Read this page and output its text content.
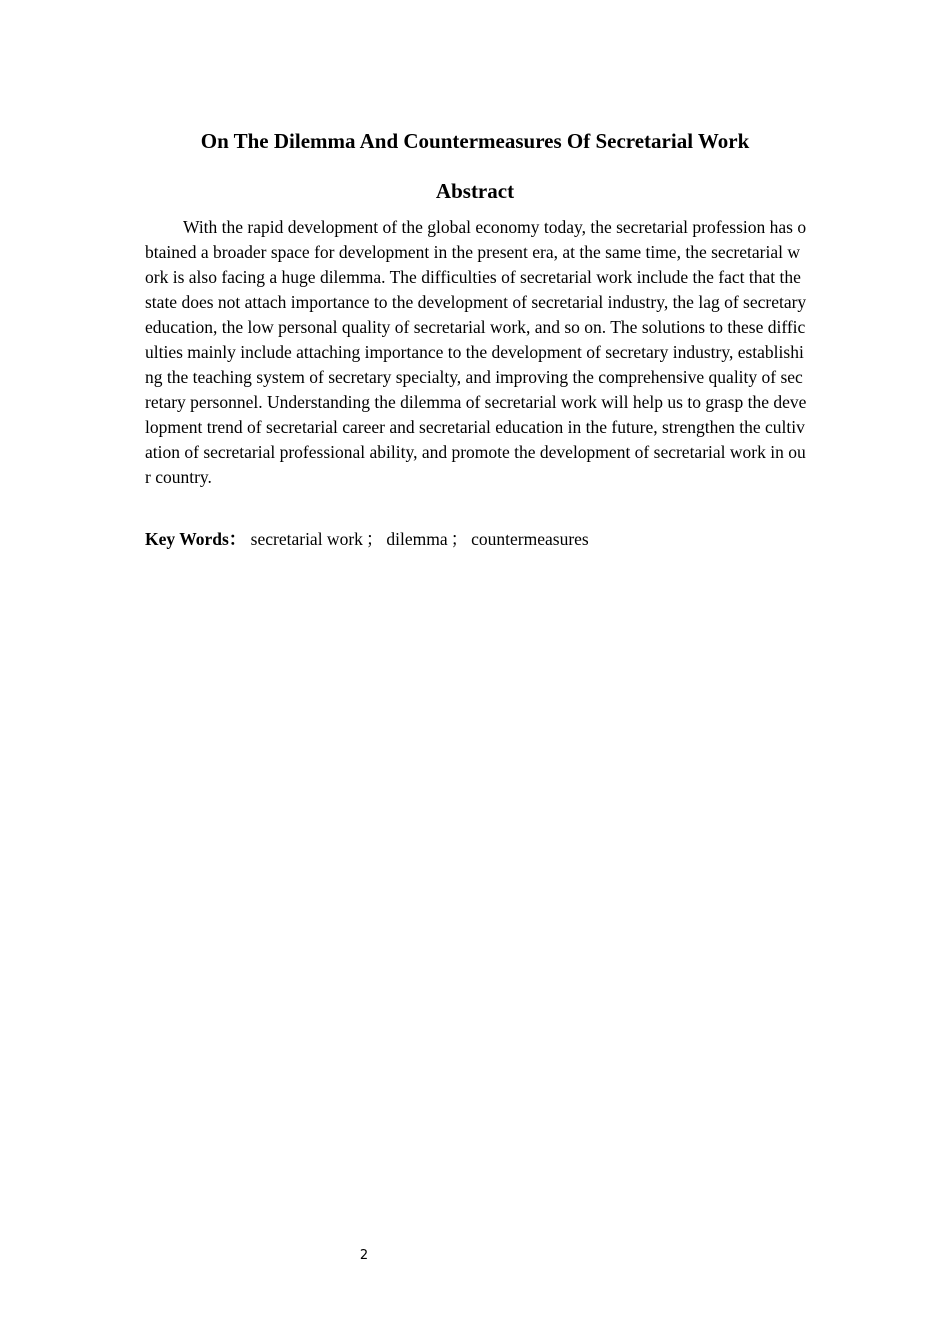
On The Dilemma And Countermeasures Of Secretarial Work
Abstract

With the rapid development of the global economy today, the secretarial profession has obtained a broader space for development in the present era, at the same time, the secretarial work is also facing a huge dilemma. The difficulties of secretarial work include the fact that the state does not attach importance to the development of secretarial industry, the lag of secretary education, the low personal quality of secretarial work, and so on. The solutions to these difficulties mainly include attaching importance to the development of secretary industry, establishing the teaching system of secretary specialty, and improving the comprehensive quality of secretary personnel. Understanding the dilemma of secretarial work will help us to grasp the development trend of secretarial career and secretarial education in the future, strengthen the cultivation of secretarial professional ability, and promote the development of secretarial work in our country.

Key Words： secretarial work ； dilemma ； countermeasures
2
